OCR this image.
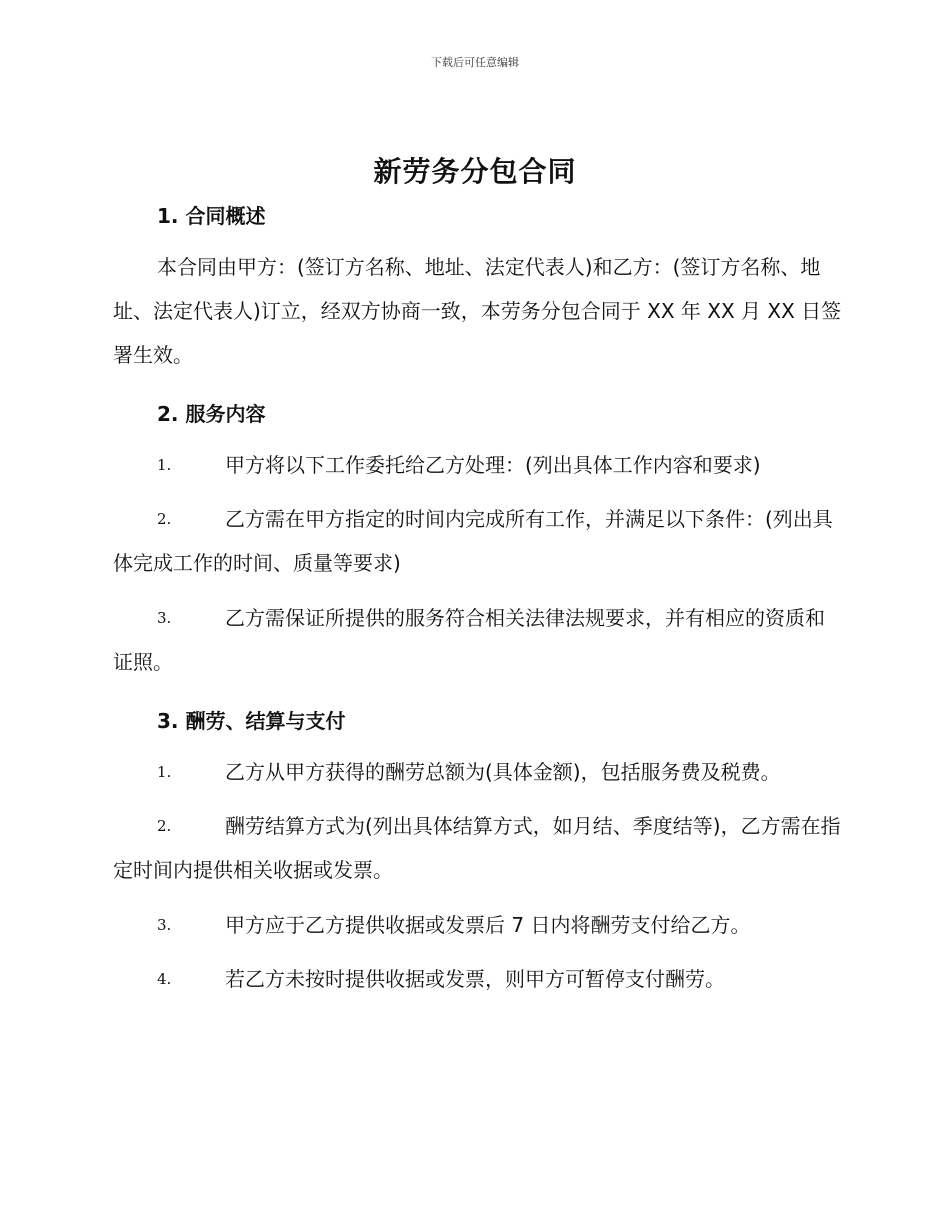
下载后可任意编辑
新劳务分包合同
1. 合同概述
本合同由甲方：(签订方名称、地址、法定代表人)和乙方：(签订方名称、地址、法定代表人)订立，经双方协商一致，本劳务分包合同于 XX 年 XX 月 XX 日签署生效。
2. 服务内容
1.	甲方将以下工作委托给乙方处理：(列出具体工作内容和要求)
2.	乙方需在甲方指定的时间内完成所有工作，并满足以下条件：(列出具体完成工作的时间、质量等要求)
3.	乙方需保证所提供的服务符合相关法律法规要求，并有相应的资质和证照。
3. 酬劳、结算与支付
1.	乙方从甲方获得的酬劳总额为(具体金额)，包括服务费及税费。
2.	酬劳结算方式为(列出具体结算方式，如月结、季度结等)，乙方需在指定时间内提供相关收据或发票。
3.	甲方应于乙方提供收据或发票后 7 日内将酬劳支付给乙方。
4.	若乙方未按时提供收据或发票，则甲方可暂停支付酬劳。
